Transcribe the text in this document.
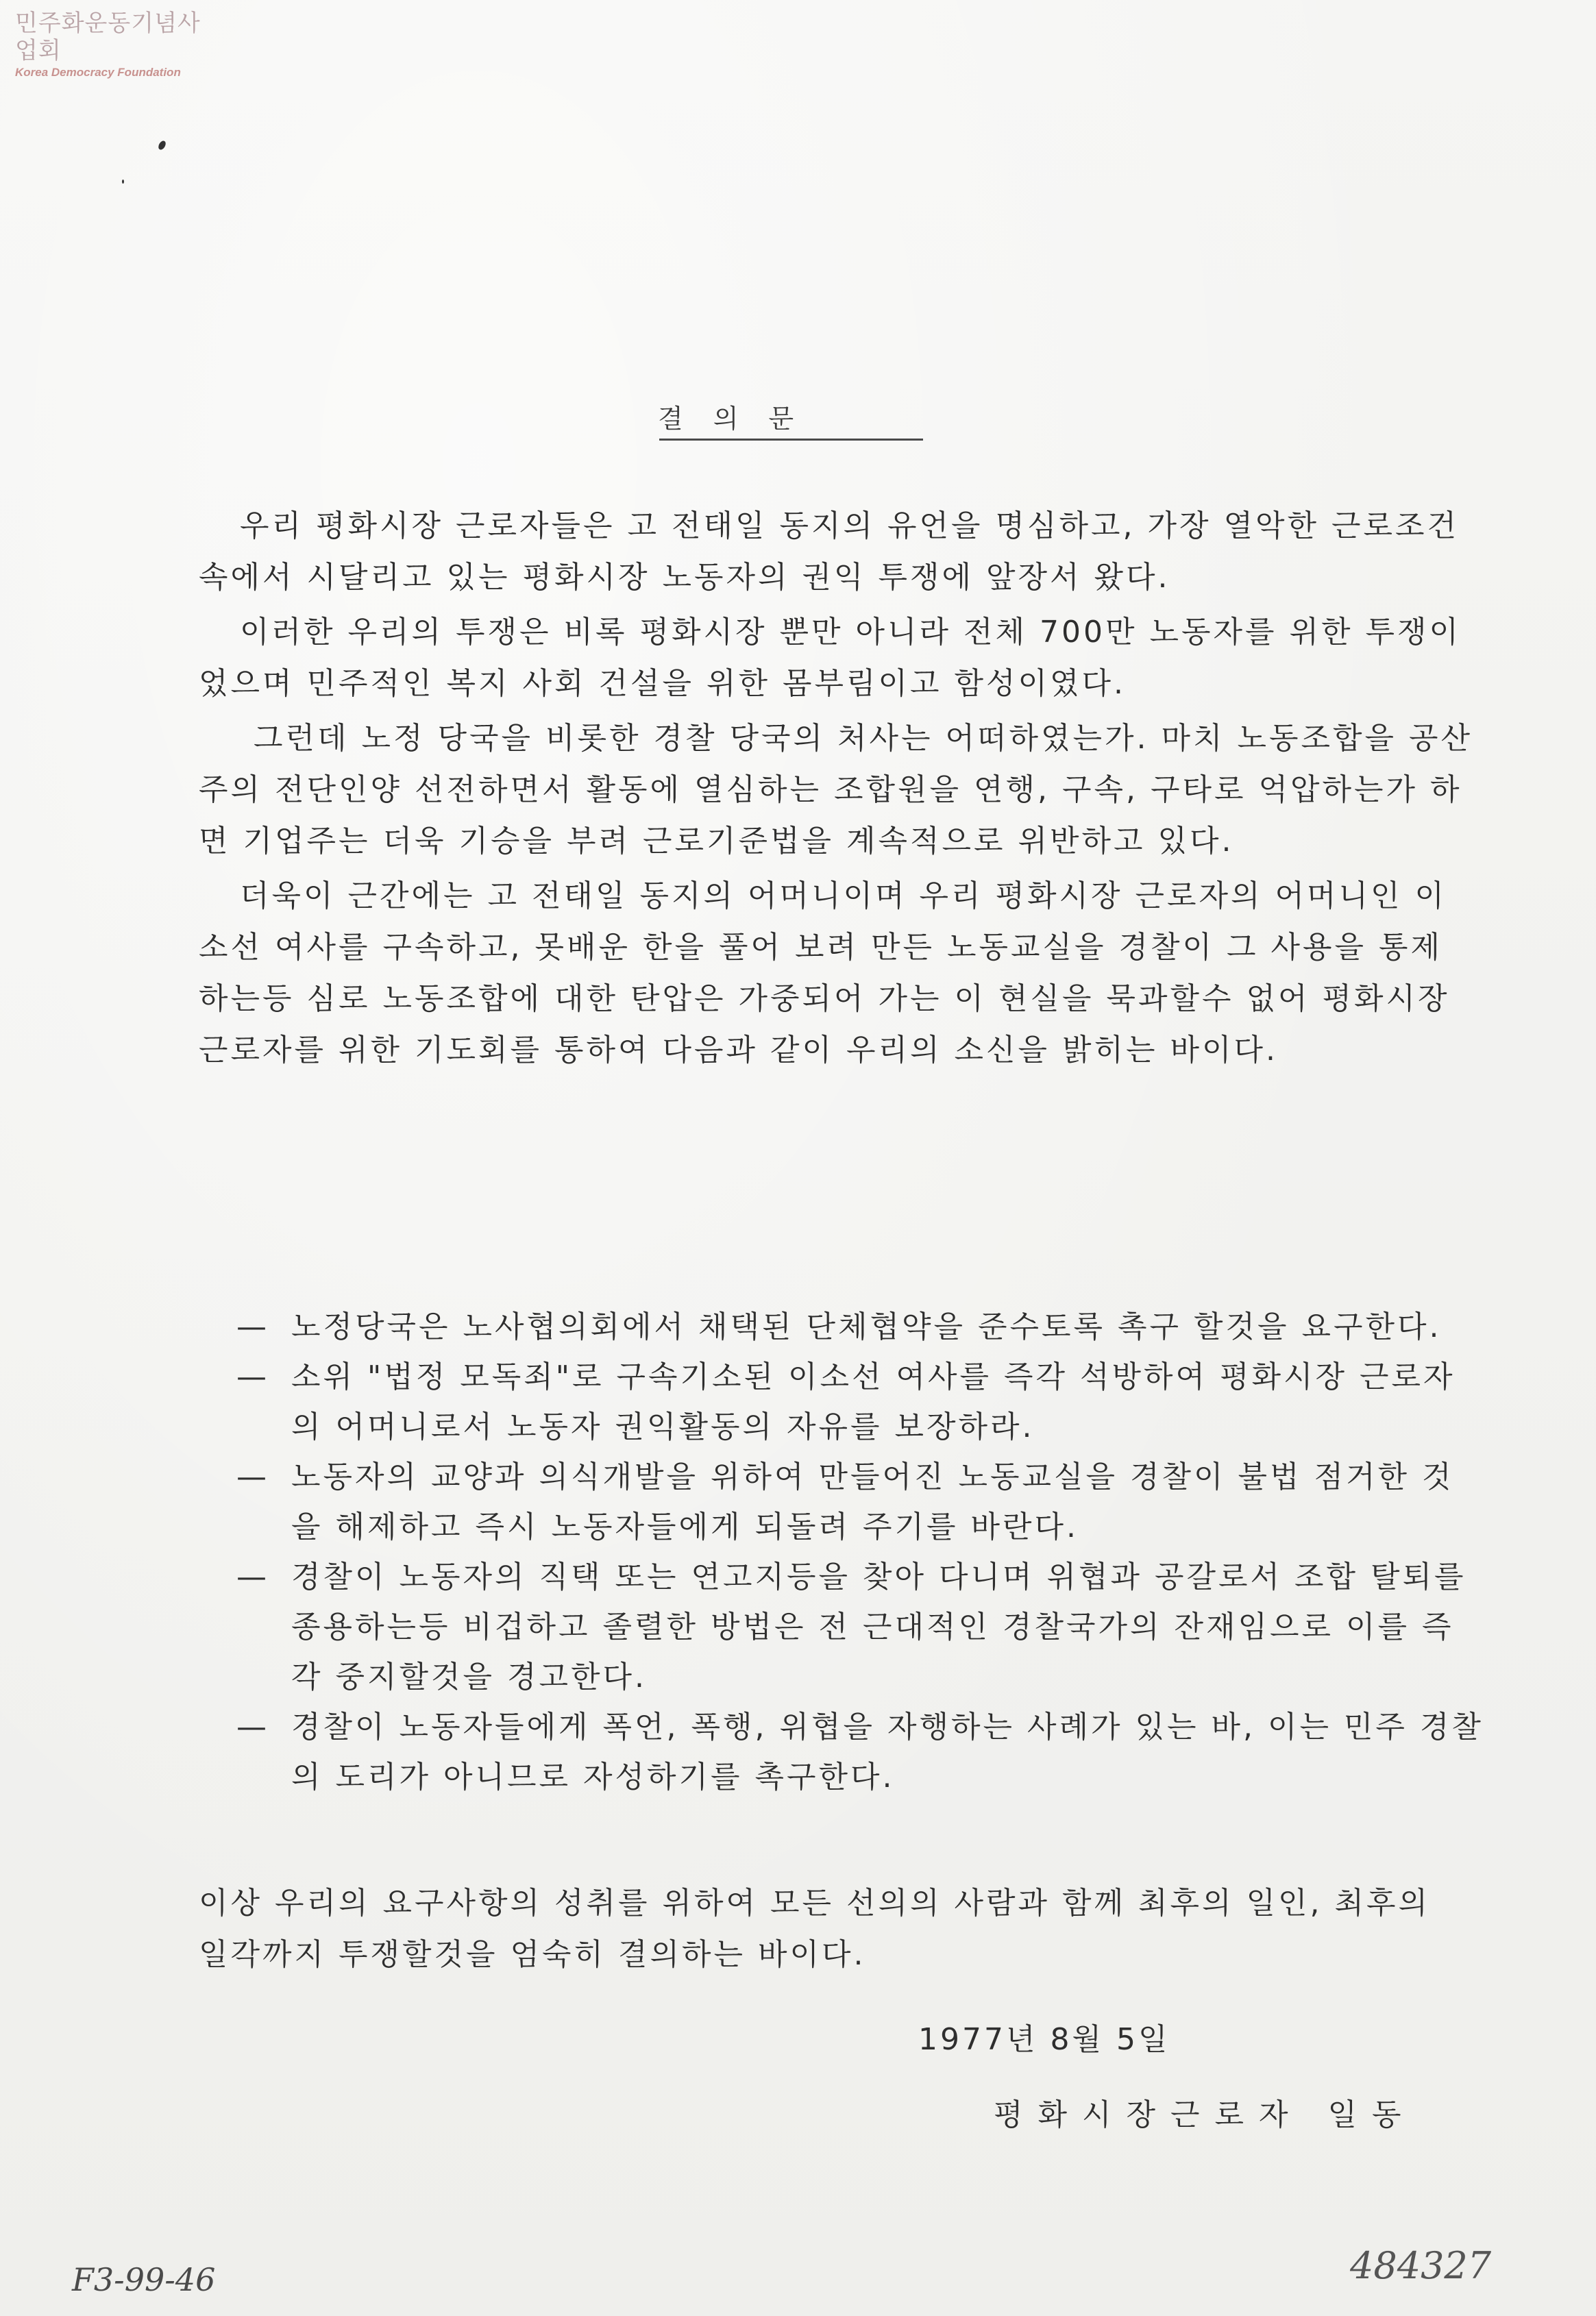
민주화운동기념사업회
Korea Democracy Foundation
결의문

우리 평화시장 근로자들은 고 전태일 동지의 유언을 명심하고, 가장 열악한 근로조건 속에서 시달리고 있는 평화시장 노동자의 권익 투쟁에 앞장서 왔다.

이러한 우리의 투쟁은 비록 평화시장 뿐만 아니라 전체 700만 노동자를 위한 투쟁이었으며 민주적인 복지 사회 건설을 위한 몸부림이고 함성이였다.

그런데 노정 당국을 비롯한 경찰 당국의 처사는 어떠하였는가. 마치 노동조합을 공산주의 전단인양 선전하면서 활동에 열심하는 조합원을 연행, 구속, 구타로 억압하는가 하면 기업주는 더욱 기승을 부려 근로기준법을 계속적으로 위반하고 있다.

더욱이 근간에는 고 전태일 동지의 어머니이며 우리 평화시장 근로자의 어머니인 이소선 여사를 구속하고, 못배운 한을 풀어 보려 만든 노동교실을 경찰이 그 사용을 통제하는등 심로 노동조합에 대한 탄압은 가중되어 가는 이 현실을 묵과할수 없어 평화시장 근로자를 위한 기도회를 통하여 다음과 같이 우리의 소신을 밝히는 바이다.

— 노정당국은 노사협의회에서 채택된 단체협약을 준수토록 촉구 할것을 요구한다.
— 소위 "법정 모독죄"로 구속기소된 이소선 여사를 즉각 석방하여 평화시장 근로자의 어머니로서 노동자 권익활동의 자유를 보장하라.
— 노동자의 교양과 의식개발을 위하여 만들어진 노동교실을 경찰이 불법 점거한 것을 해제하고 즉시 노동자들에게 되돌려 주기를 바란다.
— 경찰이 노동자의 직택 또는 연고지등을 찾아 다니며 위협과 공갈로서 조합 탈퇴를 종용하는등 비겁하고 졸렬한 방법은 전 근대적인 경찰국가의 잔재임으로 이를 즉각 중지할것을 경고한다.
— 경찰이 노동자들에게 폭언, 폭행, 위협을 자행하는 사례가 있는 바, 이는 민주 경찰의 도리가 아니므로 자성하기를 촉구한다.
이상 우리의 요구사항의 성취를 위하여 모든 선의의 사람과 함께 최후의 일인, 최후의 일각까지 투쟁할것을 엄숙히 결의하는 바이다.
1977년 8월 5일
평화시장근로자 일동
F3-99-46	484327
